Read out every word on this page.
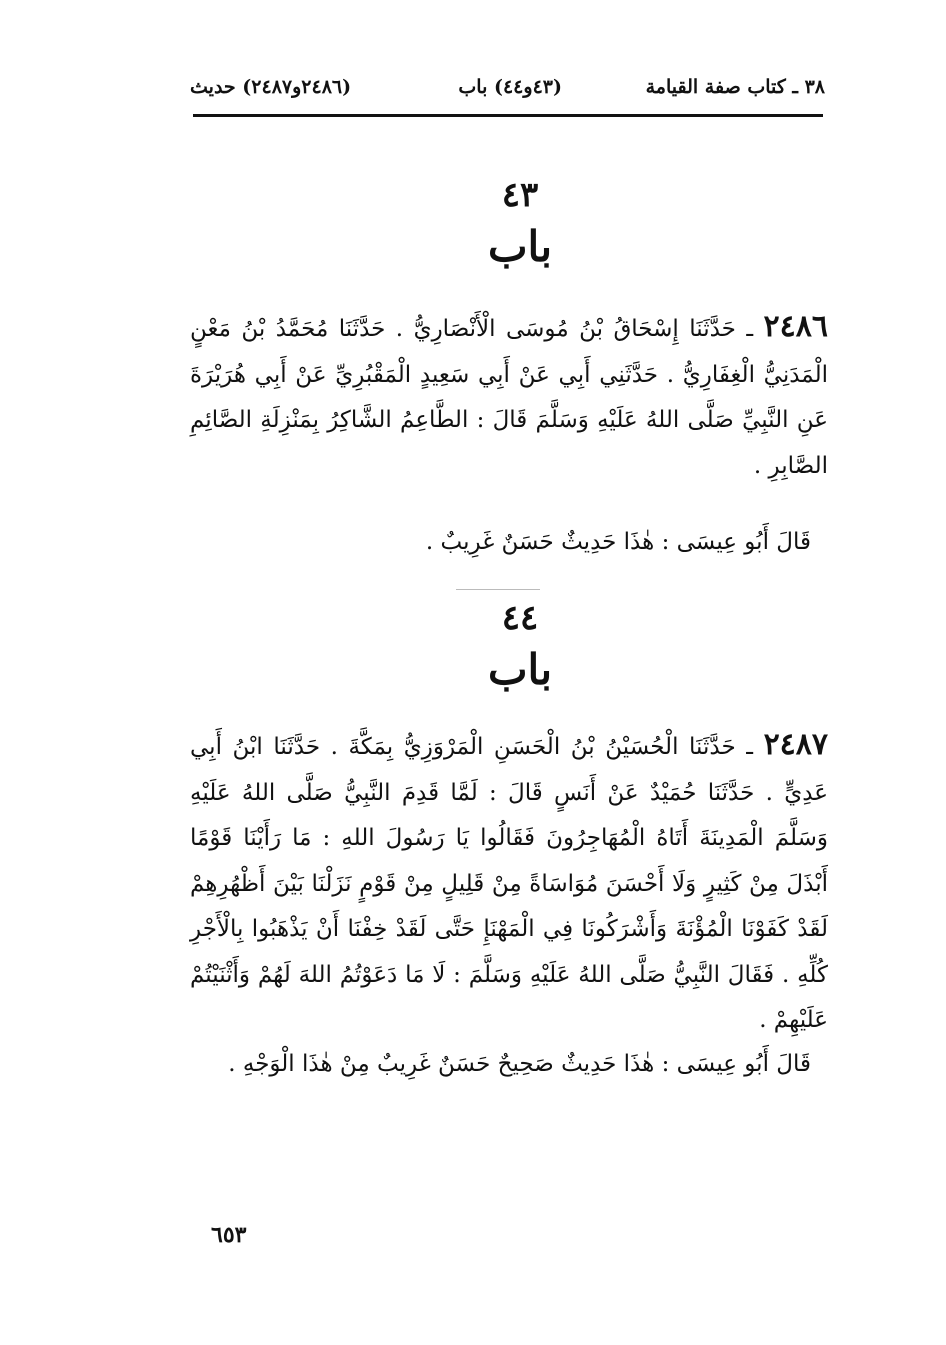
٣٨ ـ كتاب صفة القيامة
(٤٣و٤٤) باب
(٢٤٨٦و٢٤٨٧) حديث
٤٣
باب
٢٤٨٦ ـ حَدَّثَنَا إِسْحَاقُ بْنُ مُوسَى الْأَنْصَارِيُّ . حَدَّثَنَا مُحَمَّدُ بْنُ مَعْنٍ الْمَدَنِيُّ الْغِفَارِيُّ . حَدَّثَنِي أَبِي عَنْ أَبِي سَعِيدٍ الْمَقْبُرِيِّ عَنْ أَبِي هُرَيْرَةَ عَنِ النَّبِيِّ صَلَّى اللهُ عَلَيْهِ وَسَلَّمَ قَالَ : الطَّاعِمُ الشَّاكِرُ بِمَنْزِلَةِ الصَّائِمِ الصَّابِرِ .
قَالَ أَبُو عِيسَى : هٰذَا حَدِيثٌ حَسَنٌ غَرِيبٌ .
٤٤
باب
٢٤٨٧ ـ حَدَّثَنَا الْحُسَيْنُ بْنُ الْحَسَنِ الْمَرْوَزِيُّ بِمَكَّةَ . حَدَّثَنَا ابْنُ أَبِي عَدِيٍّ . حَدَّثَنَا حُمَيْدٌ عَنْ أَنَسٍ قَالَ : لَمَّا قَدِمَ النَّبِيُّ صَلَّى اللهُ عَلَيْهِ وَسَلَّمَ الْمَدِينَةَ أَتَاهُ الْمُهَاجِرُونَ فَقَالُوا يَا رَسُولَ اللهِ : مَا رَأَيْنَا قَوْمًا أَبْذَلَ مِنْ كَثِيرٍ وَلَا أَحْسَنَ مُوَاسَاةً مِنْ قَلِيلٍ مِنْ قَوْمٍ نَزَلْنَا بَيْنَ أَظْهُرِهِمْ لَقَدْ كَفَوْنَا الْمُؤْنَةَ وَأَشْرَكُونَا فِي الْمَهْنَإِ حَتَّى لَقَدْ خِفْنَا أَنْ يَذْهَبُوا بِالْأَجْرِ كُلِّهِ . فَقَالَ النَّبِيُّ صَلَّى اللهُ عَلَيْهِ وَسَلَّمَ : لَا مَا دَعَوْتُمُ اللهَ لَهُمْ وَأَثْنَيْتُمْ عَلَيْهِمْ .
قَالَ أَبُو عِيسَى : هٰذَا حَدِيثٌ صَحِيحٌ حَسَنٌ غَرِيبٌ مِنْ هٰذَا الْوَجْهِ .
٦٥٣
